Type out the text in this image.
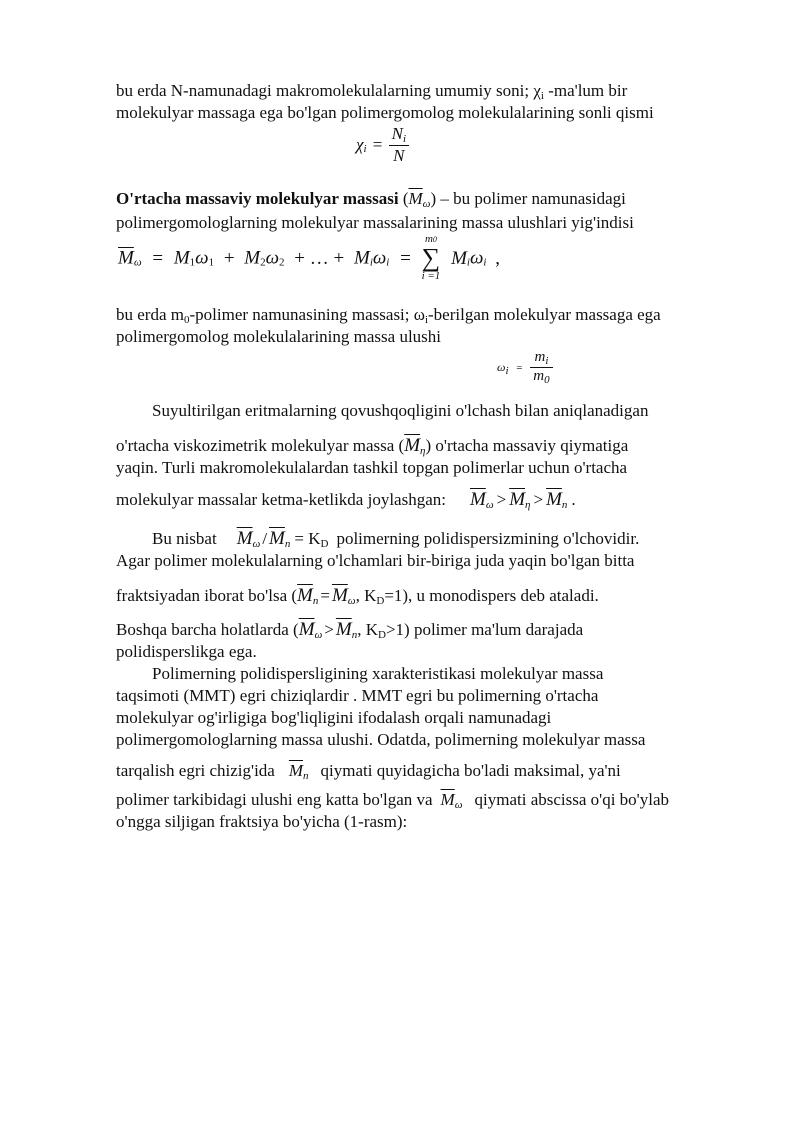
bu erda N-namunadagi makromolekulalarning umumiy soni; χi -ma'lum bir
molekulyar massaga ega bo'lgan polimergomolog molekulalarining sonli qismi
$\chi i = \frac{Ni}{N}$
O'rtacha massaviy molekulyar massasi $(\overline{M}\omega)$ – bu polimer namunasidagi
polimergomologlarning molekulyar massalarining massa ulushlari yig'indisi
$\overline{M}\omega = M1\omega 1 + M2\omega 2$ + … + Miωi =
m0
∑
i =1
Miωi ,
bu erda m0-polimer namunasining massasi; ωi-berilgan molekulyar massaga ega
polimergomolog molekulalarining massa ulushi
$\omega_i = \frac{m_i}{m_0}$
Suyultirilgan eritmalarning qovushqoqligini o'lchash bilan aniqlanadigan
o'rtacha viskozimetrik molekulyar massa $(\overline{M}\eta)$ o'rtacha massaviy qiymatiga
yaqin. Turli makromolekulalardan tashkil topgan polimerlar uchun o'rtacha
molekulyar massalar ketma-ketlikda joylashgan: $\overline{M}\omega > \overline{M}\eta > \overline{M}n$ .
Bu nisbat $\overline{M}\omega / \overline{M}n$ = KD polimerning polidispersizmining o'lchovidir.
Agar polimer molekulalarning o'lchamlari bir-biriga juda yaqin bo'lgan bitta
fraktsiyadan iborat bo'lsa ($\overline{M}n = \overline{M}\omega$, KD=1), u monodispers deb ataladi.
Boshqa barcha holatlarda ($\overline{M}\omega > \overline{M}n$, KD>1) polimer ma'lum darajada
polidisperslikga ega.
Polimerning polidispersligining xarakteristikasi molekulyar massa
taqsimoti (MMT) egri chiziqlardir . MMT egri bu polimerning o'rtacha
molekulyar og'irligiga bog'liqligini ifodalash orqali namunadagi
polimergomologlarning massa ulushi. Odatda, polimerning molekulyar massa
tarqalish egri chizig'ida $\overline{M}n$ qiymati quyidagicha bo'ladi maksimal, ya'ni
polimer tarkibidagi ulushi eng katta bo'lgan va $\overline{M}\omega$ qiymati abscissa o'qi bo'ylab
o'ngga siljigan fraktsiya bo'yicha (1-rasm):
